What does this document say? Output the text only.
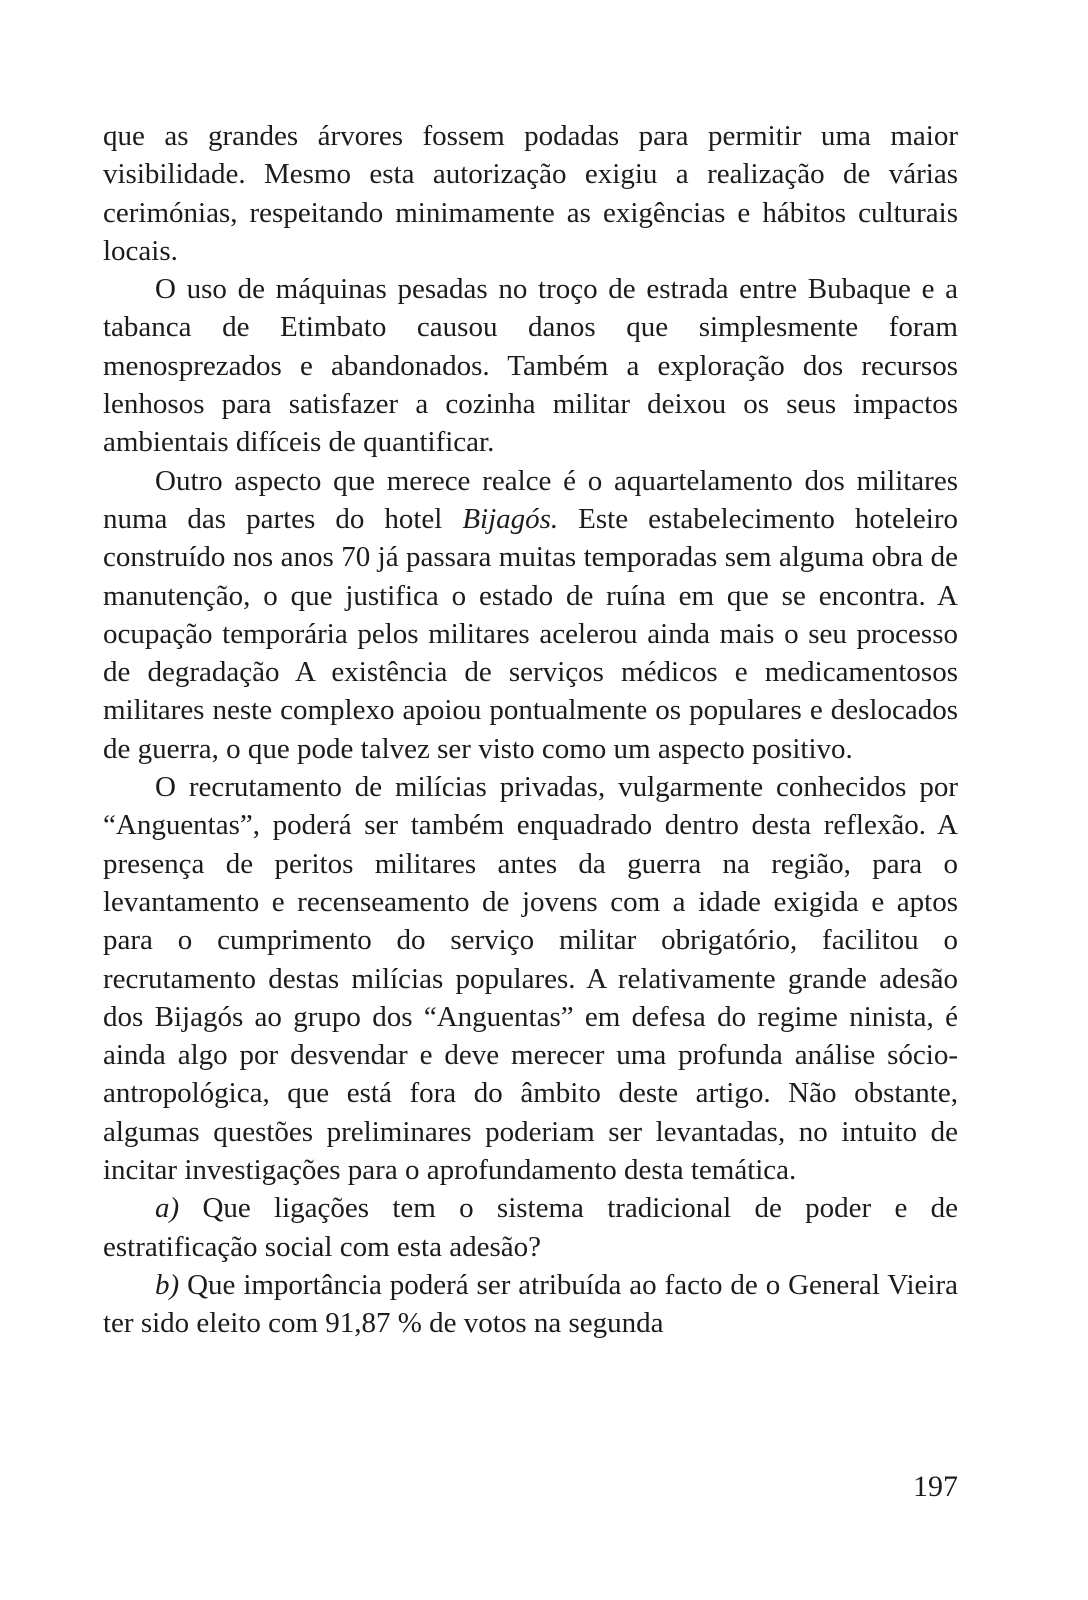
que as grandes árvores fossem podadas para permitir uma maior visibilidade. Mesmo esta autorização exigiu a realização de várias cerimónias, respeitando minimamente as exigências e hábitos culturais locais.

O uso de máquinas pesadas no troço de estrada entre Bubaque e a tabanca de Etimbato causou danos que simplesmente foram menosprezados e abandonados. Também a exploração dos recursos lenhosos para satisfazer a cozinha militar deixou os seus impactos ambientais difíceis de quantificar.

Outro aspecto que merece realce é o aquartelamento dos militares numa das partes do hotel Bijagós. Este estabelecimento hoteleiro construído nos anos 70 já passara muitas temporadas sem alguma obra de manutenção, o que justifica o estado de ruína em que se encontra. A ocupação temporária pelos militares acelerou ainda mais o seu processo de degradação A existência de serviços médicos e medicamentosos militares neste complexo apoiou pontualmente os populares e deslocados de guerra, o que pode talvez ser visto como um aspecto positivo.

O recrutamento de milícias privadas, vulgarmente conhecidos por “Anguentas”, poderá ser também enquadrado dentro desta reflexão. A presença de peritos militares antes da guerra na região, para o levantamento e recenseamento de jovens com a idade exigida e aptos para o cumprimento do serviço militar obrigatório, facilitou o recrutamento destas milícias populares. A relativamente grande adesão dos Bijagós ao grupo dos “Anguentas” em defesa do regime ninista, é ainda algo por desvendar e deve merecer uma profunda análise sócio-antropológica, que está fora do âmbito deste artigo. Não obstante, algumas questões preliminares poderiam ser levantadas, no intuito de incitar investigações para o aprofundamento desta temática.

a) Que ligações tem o sistema tradicional de poder e de estratificação social com esta adesão?

b) Que importância poderá ser atribuída ao facto de o General Vieira ter sido eleito com 91,87 % de votos na segunda

197
